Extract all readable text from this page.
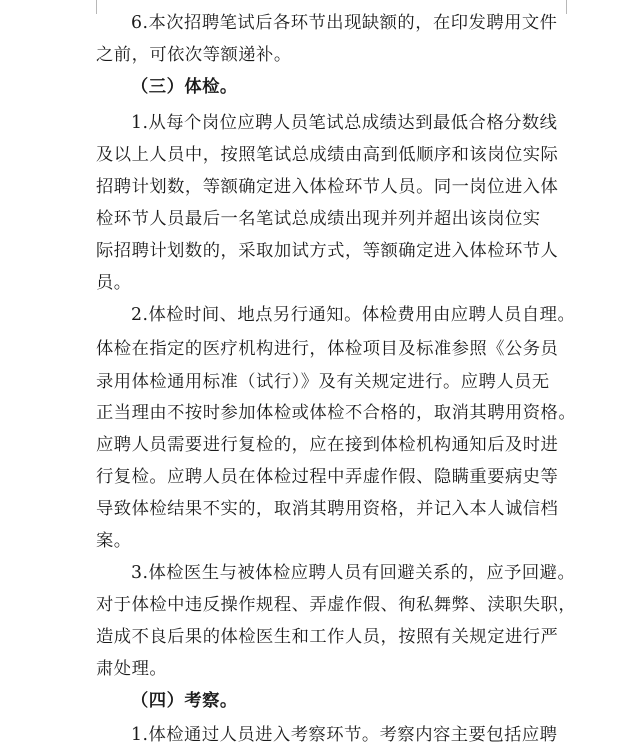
6.本次招聘笔试后各环节出现缺额的，在印发聘用文件
之前，可依次等额递补。
（三）体检。
1.从每个岗位应聘人员笔试总成绩达到最低合格分数线
及以上人员中，按照笔试总成绩由高到低顺序和该岗位实际
招聘计划数，等额确定进入体检环节人员。同一岗位进入体
检环节人员最后一名笔试总成绩出现并列并超出该岗位实
际招聘计划数的，采取加试方式，等额确定进入体检环节人
员。
2.体检时间、地点另行通知。体检费用由应聘人员自理。
体检在指定的医疗机构进行，体检项目及标准参照《公务员
录用体检通用标准（试行）》及有关规定进行。应聘人员无
正当理由不按时参加体检或体检不合格的，取消其聘用资格。
应聘人员需要进行复检的，应在接到体检机构通知后及时进
行复检。应聘人员在体检过程中弄虚作假、隐瞒重要病史等
导致体检结果不实的，取消其聘用资格，并记入本人诚信档
案。
3.体检医生与被体检应聘人员有回避关系的，应予回避。
对于体检中违反操作规程、弄虚作假、徇私舞弊、渎职失职，
造成不良后果的体检医生和工作人员，按照有关规定进行严
肃处理。
（四）考察。
1.体检通过人员进入考察环节。考察内容主要包括应聘
